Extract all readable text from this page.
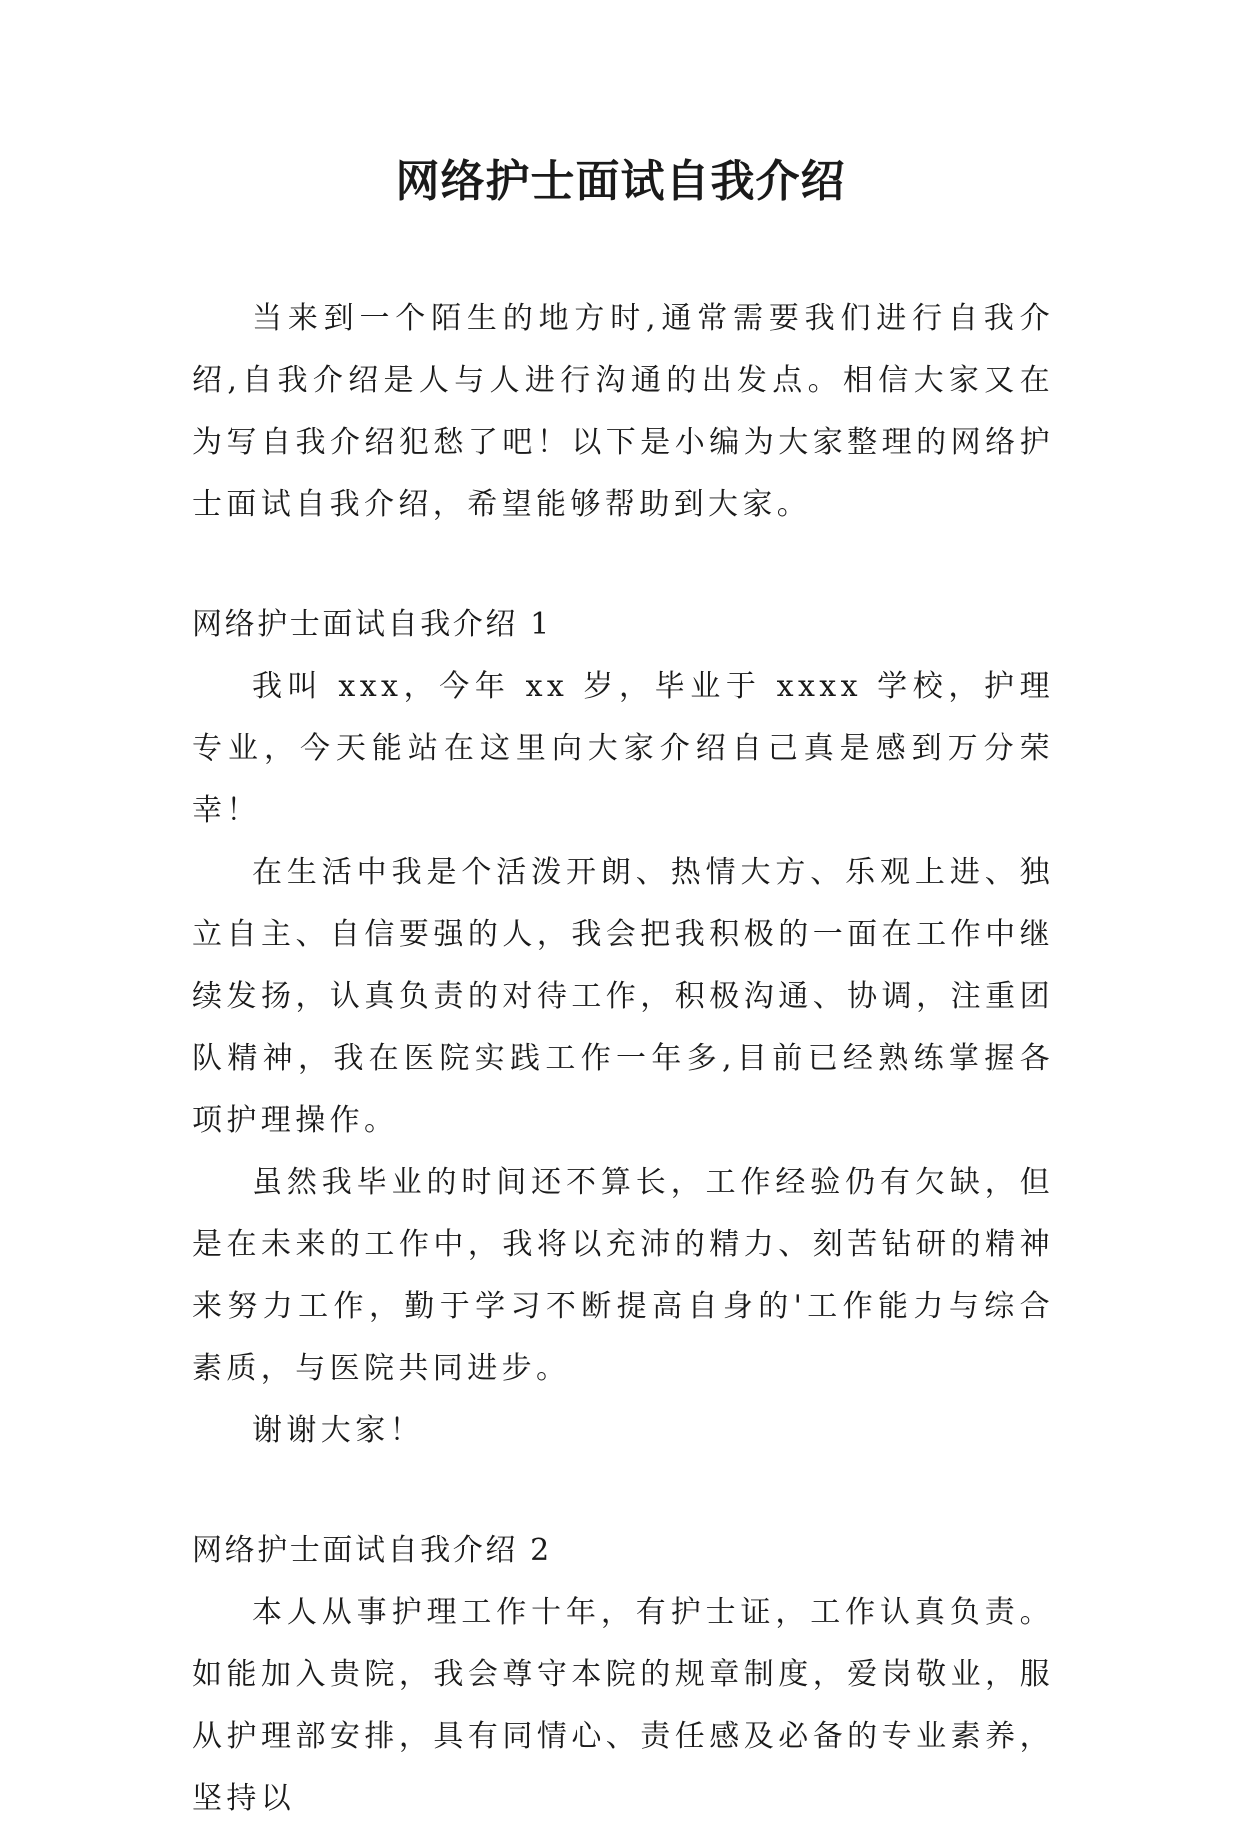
网络护士面试自我介绍

当来到一个陌生的地方时,通常需要我们进行自我介绍,自我介绍是人与人进行沟通的出发点。相信大家又在为写自我介绍犯愁了吧！以下是小编为大家整理的网络护士面试自我介绍，希望能够帮助到大家。

网络护士面试自我介绍 1

我叫 xxx，今年 xx 岁，毕业于 xxxx 学校，护理专业，今天能站在这里向大家介绍自己真是感到万分荣幸！

在生活中我是个活泼开朗、热情大方、乐观上进、独立自主、自信要强的人，我会把我积极的一面在工作中继续发扬，认真负责的对待工作，积极沟通、协调，注重团队精神，我在医院实践工作一年多,目前已经熟练掌握各项护理操作。

虽然我毕业的时间还不算长，工作经验仍有欠缺，但是在未来的工作中，我将以充沛的精力、刻苦钻研的精神来努力工作，勤于学习不断提高自身的'工作能力与综合素质，与医院共同进步。

谢谢大家！

网络护士面试自我介绍 2

本人从事护理工作十年，有护士证，工作认真负责。如能加入贵院，我会尊守本院的规章制度，爱岗敬业，服从护理部安排，具有同情心、责任感及必备的专业素养，坚持以
